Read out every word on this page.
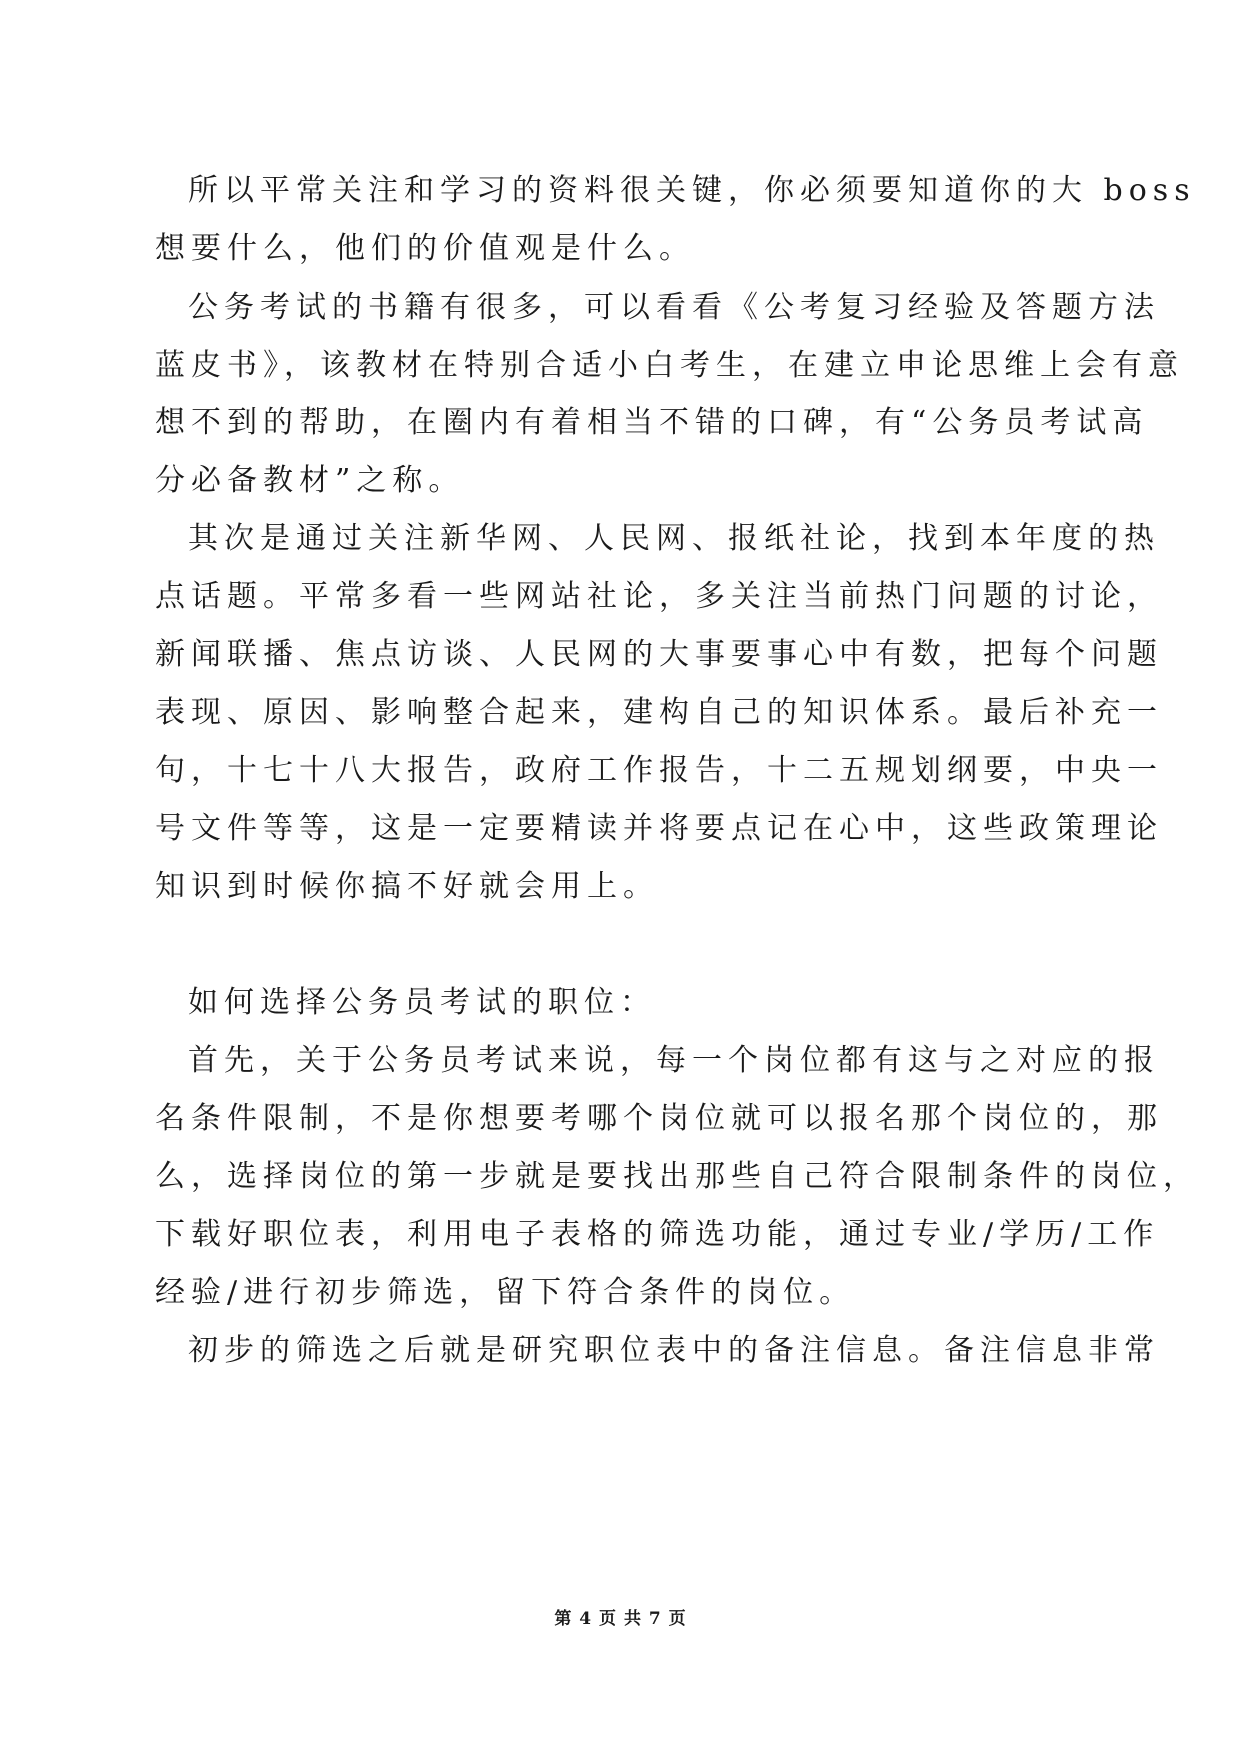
所以平常关注和学习的资料很关键，你必须要知道你的大 boss
想要什么，他们的价值观是什么。
公务考试的书籍有很多，可以看看《公考复习经验及答题方法
蓝皮书》，该教材在特别合适小白考生，在建立申论思维上会有意
想不到的帮助，在圈内有着相当不错的口碑，有“公务员考试高
分必备教材”之称。
其次是通过关注新华网、人民网、报纸社论，找到本年度的热
点话题。平常多看一些网站社论，多关注当前热门问题的讨论，
新闻联播、焦点访谈、人民网的大事要事心中有数，把每个问题
表现、原因、影响整合起来，建构自己的知识体系。最后补充一
句，十七十八大报告，政府工作报告，十二五规划纲要，中央一
号文件等等，这是一定要精读并将要点记在心中，这些政策理论
知识到时候你搞不好就会用上。
如何选择公务员考试的职位：
首先，关于公务员考试来说，每一个岗位都有这与之对应的报
名条件限制，不是你想要考哪个岗位就可以报名那个岗位的，那
么，选择岗位的第一步就是要找出那些自己符合限制条件的岗位，
下载好职位表，利用电子表格的筛选功能，通过专业/学历/工作
经验/进行初步筛选，留下符合条件的岗位。
初步的筛选之后就是研究职位表中的备注信息。备注信息非常
第 4 页 共 7 页
